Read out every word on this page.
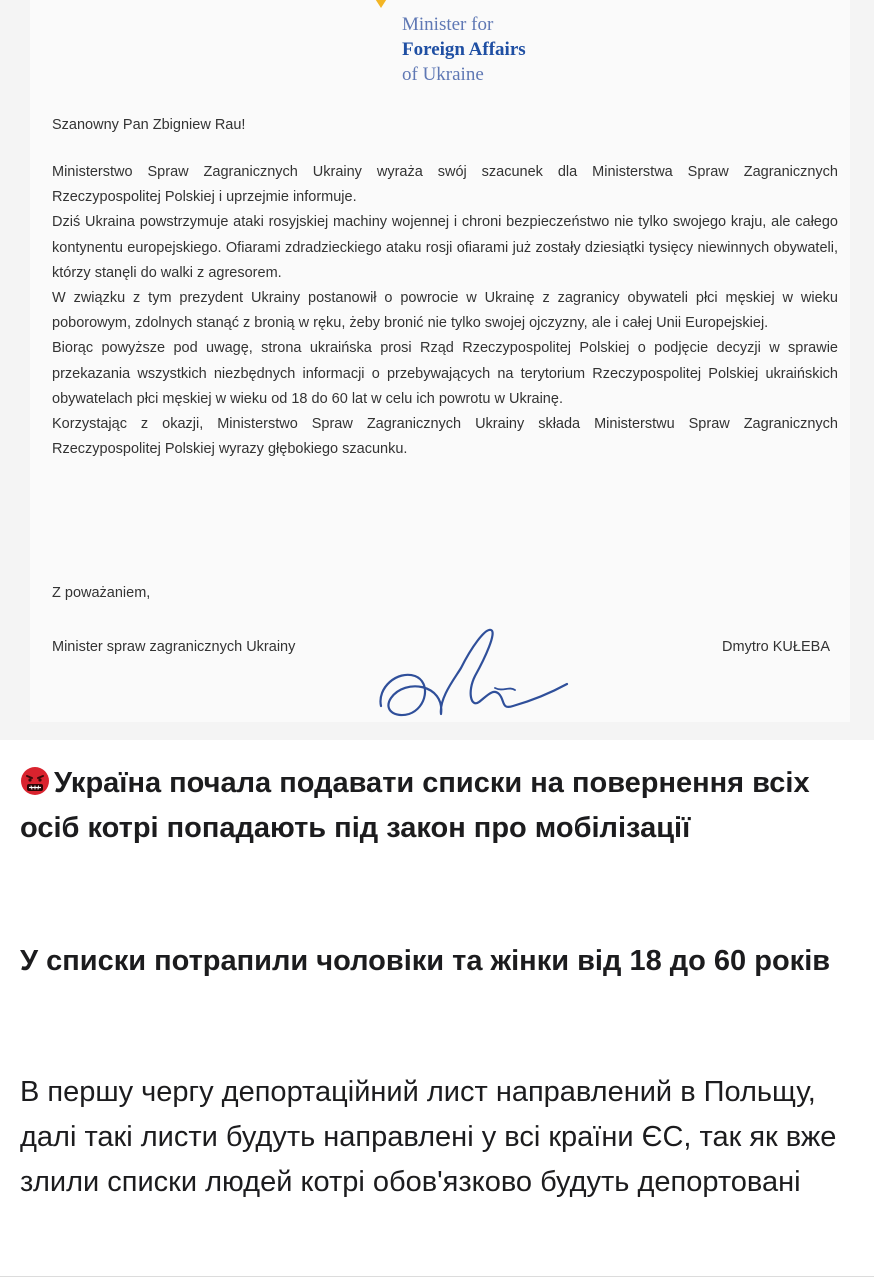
Minister for
Foreign Affairs
of Ukraine
Szanowny Pan Zbigniew Rau!

Ministerstwo Spraw Zagranicznych Ukrainy wyraża swój szacunek dla Ministerstwa Spraw Zagranicznych Rzeczypospolitej Polskiej i uprzejmie informuje.

Dziś Ukraina powstrzymuje ataki rosyjskiej machiny wojennej i chroni bezpieczeństwo nie tylko swojego kraju, ale całego kontynentu europejskiego. Ofiarami zdradzieckiego ataku rosji ofiarami już zostały dziesiątki tysięcy niewinnych obywateli, którzy stanęli do walki z agresorem.

W związku z tym prezydent Ukrainy postanowił o powrocie w Ukrainę z zagranicy obywateli płci męskiej w wieku poborowym, zdolnych stanąć z bronią w ręku, żeby bronić nie tylko swojej ojczyzny, ale i całej Unii Europejskiej.

Biorąc powyższe pod uwagę, strona ukraińska prosi Rząd Rzeczypospolitej Polskiej o podjęcie decyzji w sprawie przekazania wszystkich niezbędnych informacji o przebywających na terytorium Rzeczypospolitej Polskiej ukraińskich obywatelach płci męskiej w wieku od 18 do 60 lat w celu ich powrotu w Ukrainę.

Korzystając z okazji, Ministerstwo Spraw Zagranicznych Ukrainy składa Ministerstwu Spraw Zagranicznych Rzeczypospolitej Polskiej wyrazy głębokiego szacunku.

Z poważaniem,
Minister spraw zagranicznych Ukrainy	Dmytro KUŁEBA
Україна почала подавати списки на повернення всіх осіб котрі попадають під закон про мобілізації
У списки потрапили чоловіки та жінки від 18 до 60 років
В першу чергу депортаційний лист направлений в Польщу, далі такі листи будуть направлені у всі країни ЄС, так як вже злили списки людей котрі обов'язково будуть депортовані
